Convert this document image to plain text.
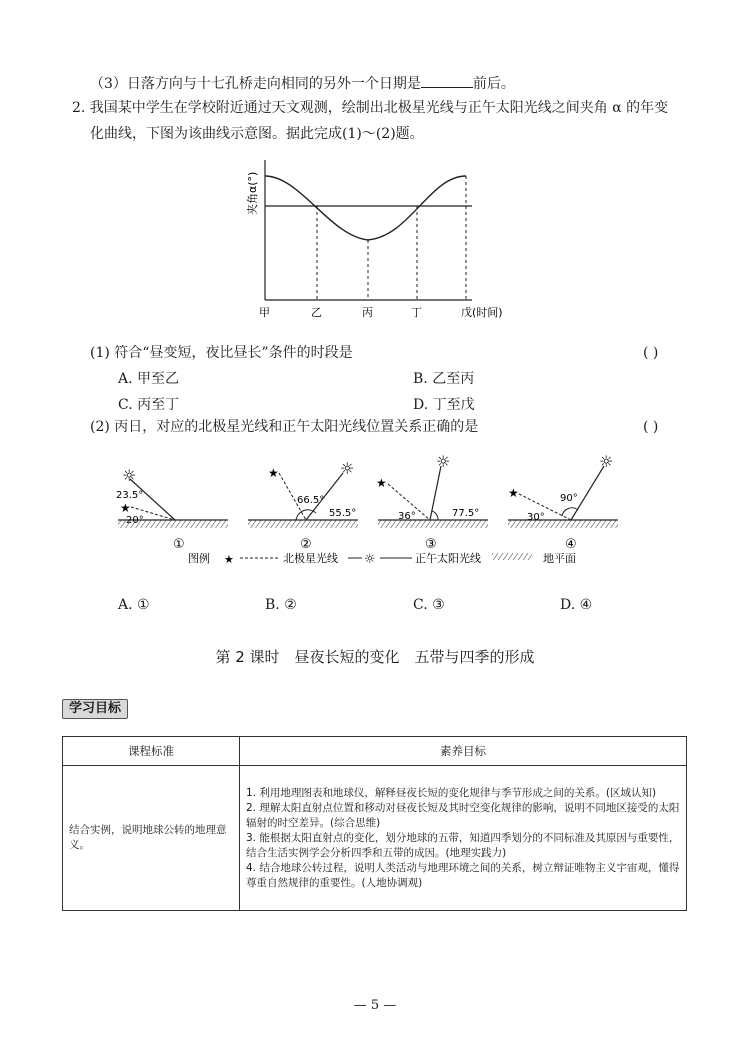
（3）日落方向与十七孔桥走向相同的另外一个日期是	前后。
2. 我国某中学生在学校附近通过天文观测，绘制出北极星光线与正午太阳光线之间夹角 α 的年变
化曲线，下图为该曲线示意图。据此完成(1)～(2)题。
夹角α(°)
甲	乙	丙	丁	戊(时间)
(1) 符合“昼变短，夜比昼长”条件的时段是	( )
A. 甲至乙	B. 乙至丙
C. 丙至丁	D. 丁至戊
(2) 丙日，对应的北极星光线和正午太阳光线位置关系正确的是	( )
☼
★
23.5°
20°
①
★	☼
66.5°
55.5°
②
★
☼
36°	77.5°
③
★
☼
30°
90°
④
图例 ★	北极星光线 ☼	正午太阳光线	地平面
A. ①	B. ②	C. ③	D. ④
第 2 课时　昼夜长短的变化　五带与四季的形成
学习目标
课程标准	素养目标
结合实例，说明地球公转的地理意义。	1. 利用地理图表和地球仪，解释昼夜长短的变化规律与季节形成之间的关系。(区域认知)
2. 理解太阳直射点位置和移动对昼夜长短及其时空变化规律的影响，说明不同地区接受的太阳辐射的时空差异。(综合思维)
3. 能根据太阳直射点的变化，划分地球的五带，知道四季划分的不同标准及其原因与重要性，结合生活实例学会分析四季和五带的成因。(地理实践力)
4. 结合地球公转过程，说明人类活动与地理环境之间的关系，树立辩证唯物主义宇宙观，懂得尊重自然规律的重要性。(人地协调观)
— 5 —
